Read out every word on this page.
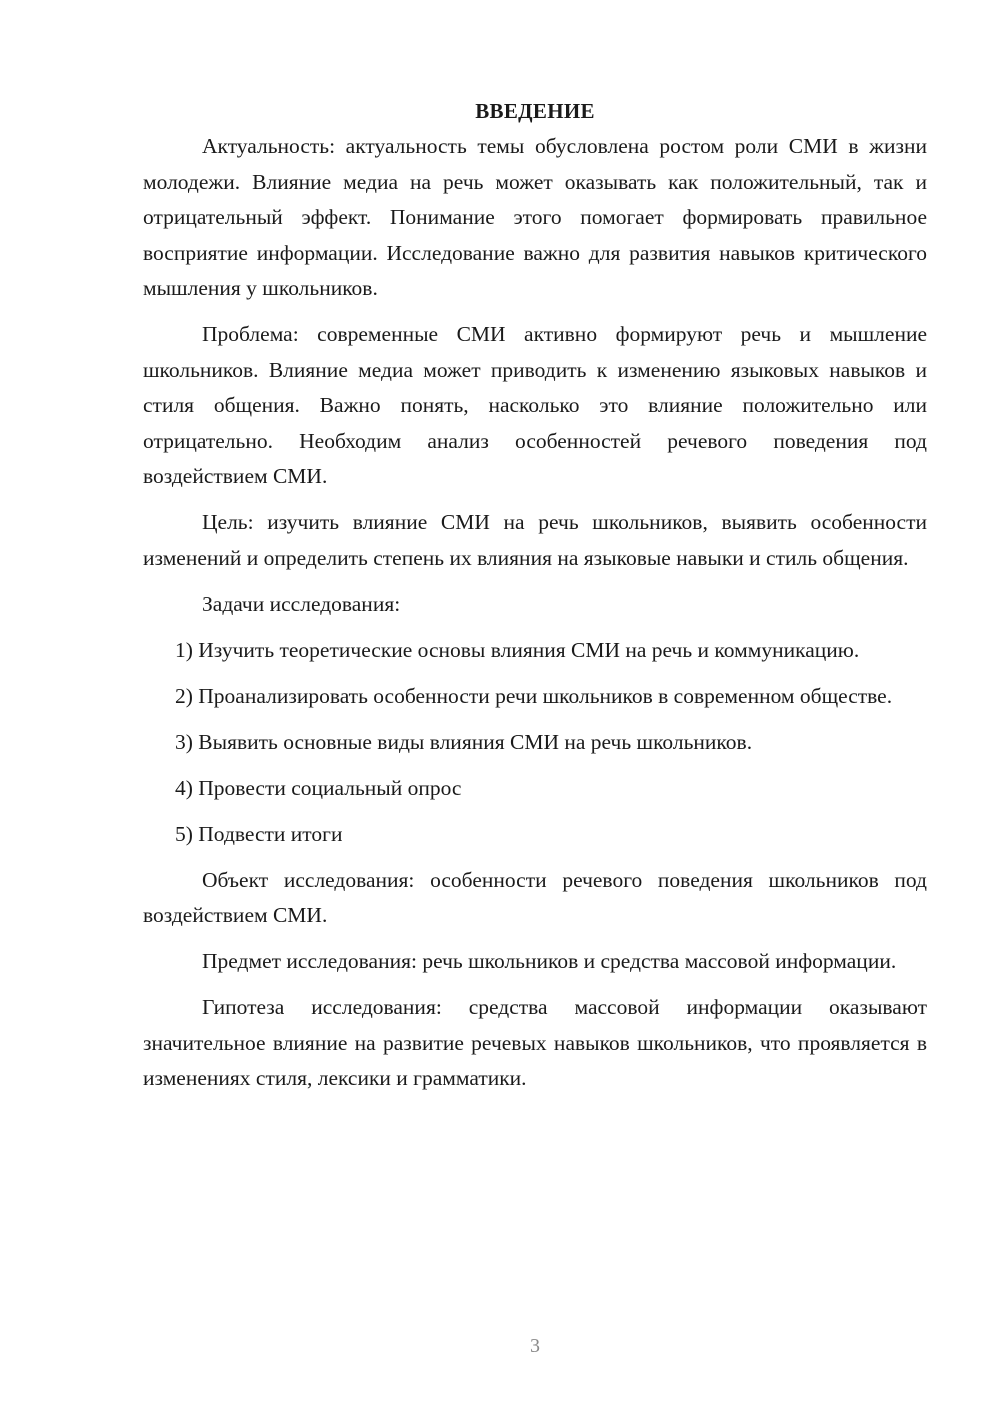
ВВЕДЕНИЕ

Актуальность: актуальность темы обусловлена ростом роли СМИ в жизни молодежи. Влияние медиа на речь может оказывать как положительный, так и отрицательный эффект. Понимание этого помогает формировать правильное восприятие информации. Исследование важно для развития навыков критического мышления у школьников.

Проблема: современные СМИ активно формируют речь и мышление школьников. Влияние медиа может приводить к изменению языковых навыков и стиля общения. Важно понять, насколько это влияние положительно или отрицательно. Необходим анализ особенностей речевого поведения под воздействием СМИ.

Цель: изучить влияние СМИ на речь школьников, выявить особенности изменений и определить степень их влияния на языковые навыки и стиль общения.

Задачи исследования:

1) Изучить теоретические основы влияния СМИ на речь и коммуникацию.

2) Проанализировать особенности речи школьников в современном обществе.

3) Выявить основные виды влияния СМИ на речь школьников.

4) Провести социальный опрос

5) Подвести итоги

Объект исследования: особенности речевого поведения школьников под воздействием СМИ.

Предмет исследования: речь школьников и средства массовой информации.

Гипотеза исследования: средства массовой информации оказывают значительное влияние на развитие речевых навыков школьников, что проявляется в изменениях стиля, лексики и грамматики.

3
